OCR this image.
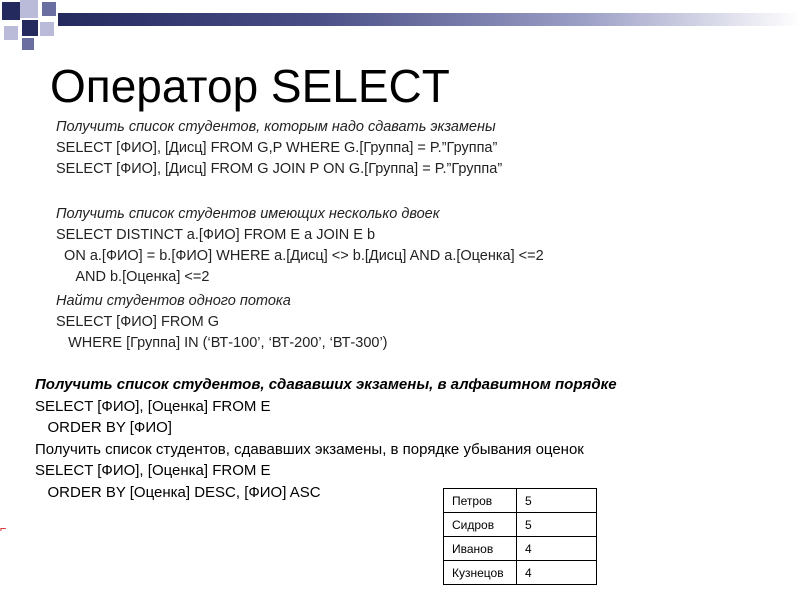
Оператор SELECT
Получить список студентов, которым надо сдавать экзамены
SELECT [ФИО], [Дисц] FROM G,P WHERE G.[Группа] = P.”Группа”
SELECT [ФИО], [Дисц] FROM G JOIN P ON G.[Группа] = P.”Группа”
Получить список студентов имеющих несколько двоек
SELECT DISTINCT a.[ФИО] FROM E a JOIN E b
ON a.[ФИО] = b.[ФИО] WHERE a.[Дисц] <> b.[Дисц] AND a.[Оценка] <=2
AND b.[Оценка] <=2
Найти студентов одного потока
SELECT [ФИО] FROM G
WHERE [Группа] IN (‘ВТ-100’, ‘ВТ-200’, ‘ВТ-300’)
Получить список студентов, сдававших экзамены, в алфавитном порядке
SELECT [ФИО], [Оценка] FROM E
ORDER BY [ФИО]
Получить список студентов, сдававших экзамены, в порядке убывания оценок
SELECT [ФИО], [Оценка] FROM E
ORDER BY [Оценка] DESC, [ФИО] ASC	Петров	5
Сидров	5
Иванов	4
Кузнецов	4
⌐
